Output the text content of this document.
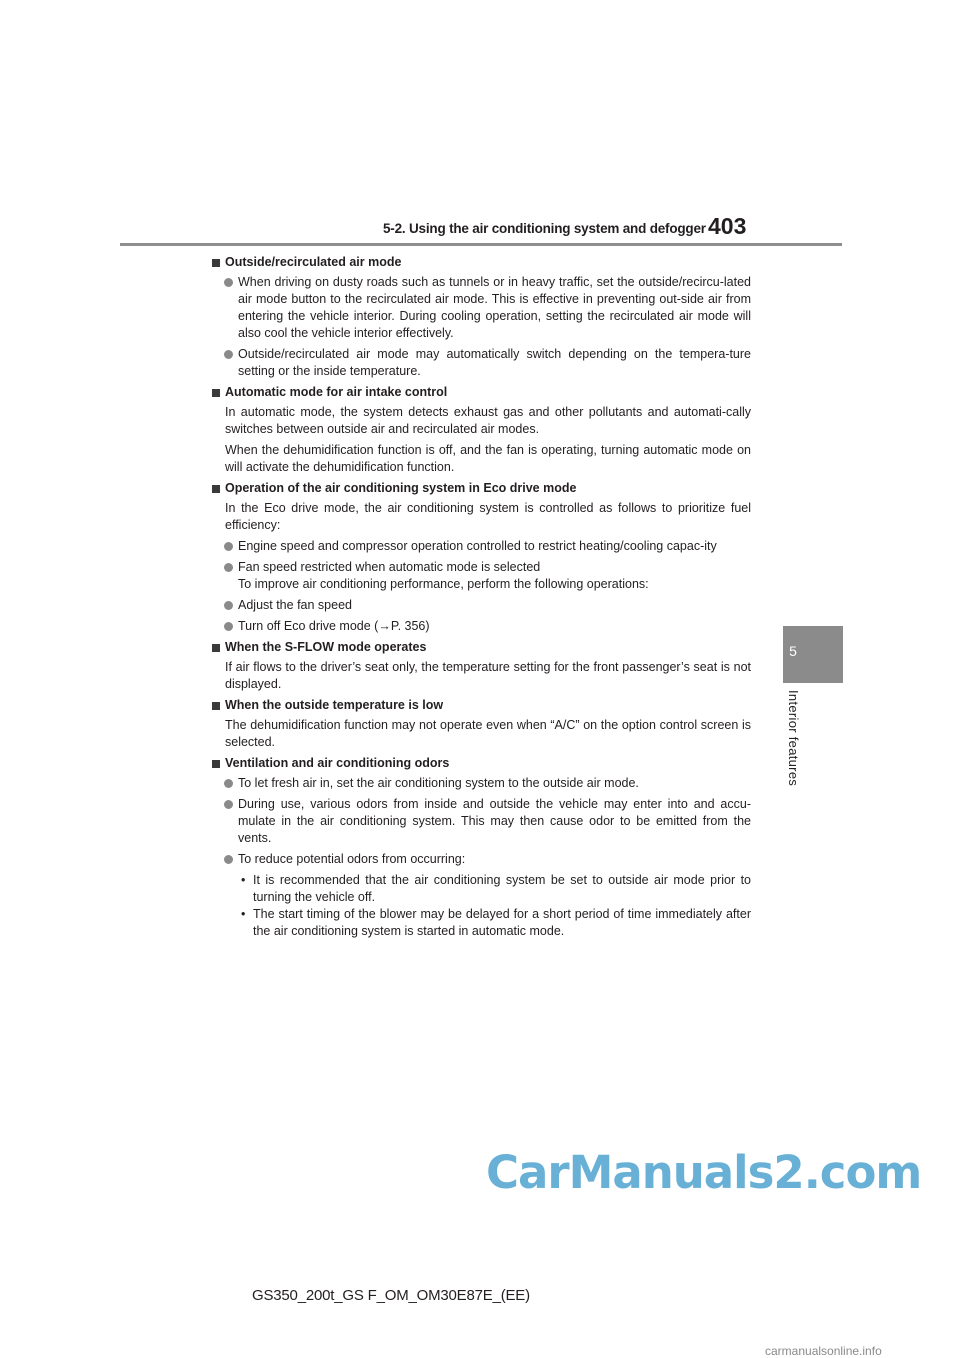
5-2. Using the air conditioning system and defogger 403
5
Interior features
Outside/recirculated air mode
When driving on dusty roads such as tunnels or in heavy traffic, set the outside/recircu-lated air mode button to the recirculated air mode. This is effective in preventing out-side air from entering the vehicle interior. During cooling operation, setting the recirculated air mode will also cool the vehicle interior effectively.
Outside/recirculated air mode may automatically switch depending on the tempera-ture setting or the inside temperature.
Automatic mode for air intake control
In automatic mode, the system detects exhaust gas and other pollutants and automati-cally switches between outside air and recirculated air modes.
When the dehumidification function is off, and the fan is operating, turning automatic mode on will activate the dehumidification function.
Operation of the air conditioning system in Eco drive mode
In the Eco drive mode, the air conditioning system is controlled as follows to prioritize fuel efficiency:
Engine speed and compressor operation controlled to restrict heating/cooling capac-ity
Fan speed restricted when automatic mode is selected
To improve air conditioning performance, perform the following operations:
Adjust the fan speed
Turn off Eco drive mode (→P. 356)
When the S-FLOW mode operates
If air flows to the driver’s seat only, the temperature setting for the front passenger’s seat is not displayed.
When the outside temperature is low
The dehumidification function may not operate even when “A/C” on the option control screen is selected.
Ventilation and air conditioning odors
To let fresh air in, set the air conditioning system to the outside air mode.
During use, various odors from inside and outside the vehicle may enter into and accu-mulate in the air conditioning system. This may then cause odor to be emitted from the vents.
To reduce potential odors from occurring:
• It is recommended that the air conditioning system be set to outside air mode prior to turning the vehicle off.
• The start timing of the blower may be delayed for a short period of time immediately after the air conditioning system is started in automatic mode.
CarManuals2.com
GS350_200t_GS F_OM_OM30E87E_(EE)
carmanualsonline.info
